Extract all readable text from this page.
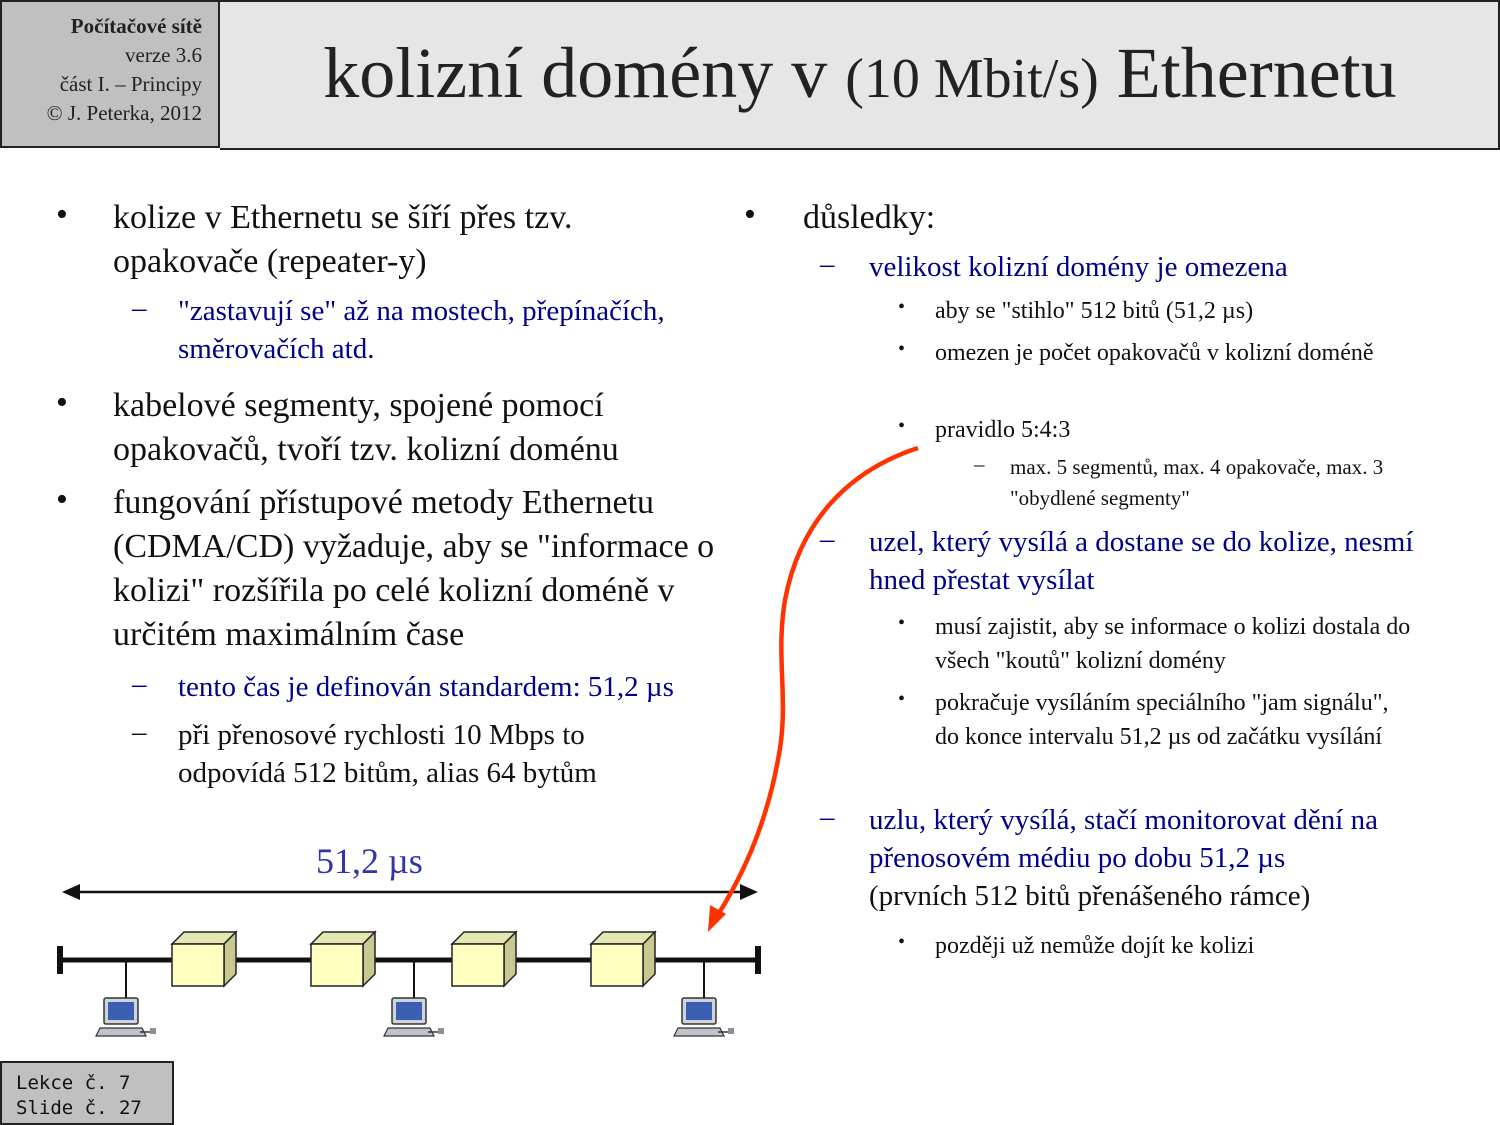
Počítačové sítě
verze 3.6
část I. – Principy
© J. Peterka, 2012	kolizní domény v (10 Mbit/s) Ethernetu
• kolize v Ethernetu se šíří přes tzv. opakovače (repeater-y)
– "zastavují se" až na mostech, přepínačích, směrovačích atd.
• kabelové segmenty, spojené pomocí opakovačů, tvoří tzv. kolizní doménu
• fungování přístupové metody Ethernetu (CDMA/CD) vyžaduje, aby se "informace o kolizi" rozšířila po celé kolizní doméně v určitém maximálním čase
– tento čas je definován standardem: 51,2 µs
– při přenosové rychlosti 10 Mbps to odpovídá 512 bitům, alias 64 bytům
• důsledky:
– velikost kolizní domény je omezena
• aby se "stihlo" 512 bitů (51,2 µs)
• omezen je počet opakovačů v kolizní doméně
• pravidlo 5:4:3
– max. 5 segmentů, max. 4 opakovače, max. 3 "obydlené segmenty"
– uzel, který vysílá a dostane se do kolize, nesmí hned přestat vysílat
• musí zajistit, aby se informace o kolizi dostala do všech "koutů" kolizní domény
• pokračuje vysíláním speciálního "jam signálu", do konce intervalu 51,2 µs od začátku vysílání
– uzlu, který vysílá, stačí monitorovat dění na přenosovém médiu po dobu 51,2 µs
(prvních 512 bitů přenášeného rámce)
• později už nemůže dojít ke kolizi
51,2 µs
Lekce č. 7
Slide č. 27
